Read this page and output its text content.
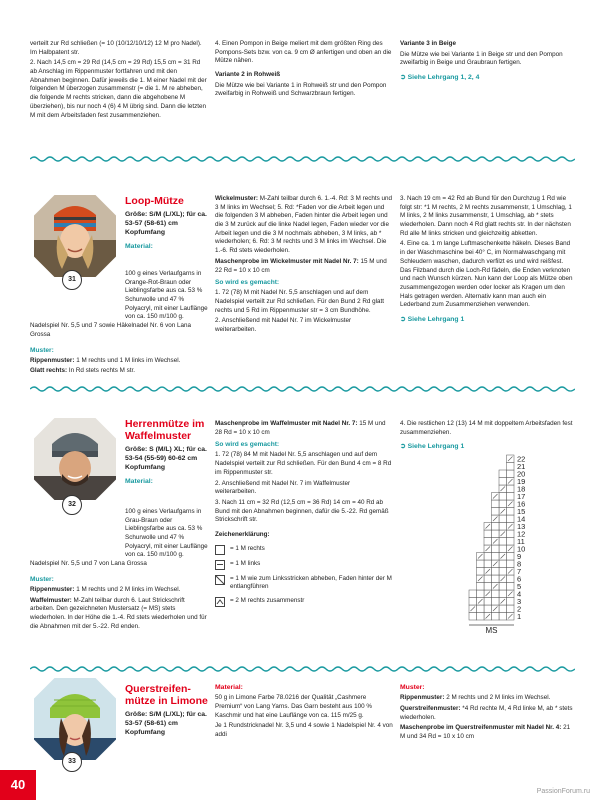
verteilt zur Rd schließen (= 10 (10/12/10/12) 12 M pro Nadel). Im Halbpatent str.

2. Nach 14,5 cm = 29 Rd (14,5 cm = 29 Rd) 15,5 cm = 31 Rd ab Anschlag im Rippenmuster fortfahren und mit den Abnahmen beginnen. Dafür jeweils die 1. M einer Nadel mit der folgenden M überzogen zusammenstr (= die 1. M re abheben, die folgende M rechts stricken, dann die abgehobene M überziehen), bis nur noch 4 (6) 4 M übrig sind. Dann die letzten M mit dem Arbeitsfaden fest zusammenziehen.

4. Einen Pompon in Beige meliert mit dem größten Ring des Pompons-Sets bzw. von ca. 9 cm Ø anfertigen und oben an die Mütze nähen.

Variante 2 in Rohweiß

Die Mütze wie bei Variante 1 in Rohweiß str und den Pompon zweifarbig in Rohweiß und Schwarzbraun fertigen.

Variante 3 in Beige

Die Mütze wie bei Variante 1 in Beige str und den Pompon zweifarbig in Beige und Graubraun fertigen.

➲ Siehe Lehrgang 1, 2, 4

31
Loop-Mütze
Größe: S/M (L/XL); für ca. 53-57 (58-61) cm Kopfumfang
Material:

100 g eines Verlaufgarns in Orange-Rot-Braun oder Lieblingsfarbe aus ca. 53 % Schurwolle und 47 % Polyacryl, mit einer Lauflänge von ca. 150 m/100 g.

Nadelspiel Nr. 5,5 und 7 sowie Häkelnadel Nr. 6 von Lana Grossa

Muster:

Rippenmuster: 1 M rechts und 1 M links im Wechsel.

Glatt rechts: In Rd stets rechts M str.

Wickelmuster: M-Zahl teilbar durch 6. 1.-4. Rd: 3 M rechts und 3 M links im Wechsel; 5. Rd: *Faden vor die Arbeit legen und die folgenden 3 M abheben, Faden hinter die Arbeit legen und die 3 M zurück auf die linke Nadel legen, Faden wieder vor die Arbeit legen und die 3 M nochmals abheben, 3 M links, ab * wiederholen; 6. Rd: 3 M rechts und 3 M links im Wechsel. Die 1.-6. Rd stets wiederholen.

Maschenprobe im Wickelmuster mit Nadel Nr. 7: 15 M und 22 Rd = 10 x 10 cm

So wird es gemacht:

1. 72 (78) M mit Nadel Nr. 5,5 anschlagen und auf dem Nadelspiel verteilt zur Rd schließen. Für den Bund 2 Rd glatt rechts und 5 Rd im Rippenmuster str = 3 cm Bundhöhe.

2. Anschließend mit Nadel Nr. 7 im Wickelmuster weiterarbeiten.

3. Nach 19 cm = 42 Rd ab Bund für den Durchzug 1 Rd wie folgt str: *1 M rechts, 2 M rechts zusammenstr, 1 Umschlag, 1 M links, 2 M links zusammenstr, 1 Umschlag, ab * stets wiederholen. Dann noch 4 Rd glatt rechts str. In der nächsten Rd alle M links stricken und gleichzeitig abketten.

4. Eine ca. 1 m lange Luftmaschenkette häkeln. Dieses Band in der Waschmaschine bei 40° C, im Normalwaschgang mit Schleudern waschen, dadurch verfilzt es und wird reißfest. Das Filzband durch die Loch-Rd fädeln, die Enden verknoten und nach Wunsch kürzen. Nun kann der Loop als Mütze oben zusammengezogen werden oder locker als Kragen um den Hals getragen werden. Alternativ kann man auch ein Lederband zum Zusammenziehen verwenden.

➲ Siehe Lehrgang 1

32
Herrenmütze im Waffelmuster
Größe: S (M/L) XL; für ca. 53-54 (55-59) 60-62 cm Kopfumfang
Material:

100 g eines Verlaufgarns in Grau-Braun oder Lieblingsfarbe aus ca. 53 % Schurwolle und 47 % Polyacryl, mit einer Lauflänge von ca. 150 m/100 g.

Nadelspiel Nr. 5,5 und 7 von Lana Grossa

Muster:

Rippenmuster: 1 M rechts und 2 M links im Wechsel.

Waffelmuster: M-Zahl teilbar durch 6. Laut Strickschrift arbeiten. Den gezeichneten Mustersatz (= MS) stets wiederholen. In der Höhe die 1.-4. Rd stets wiederholen und für die Abnahmen mit der 5.-22. Rd enden.

Maschenprobe im Waffelmuster mit Nadel Nr. 7: 15 M und 28 Rd = 10 x 10 cm

So wird es gemacht:

1. 72 (78) 84 M mit Nadel Nr. 5,5 anschlagen und auf dem Nadelspiel verteilt zur Rd schließen. Für den Bund 4 cm = 8 Rd im Rippenmuster str.

2. Anschließend mit Nadel Nr. 7 im Waffelmuster weiterarbeiten.

3. Nach 11 cm = 32 Rd (12,5 cm = 36 Rd) 14 cm = 40 Rd ab Bund mit den Abnahmen beginnen, dafür die 5.-22. Rd gemäß Strickschrift str.

Zeichenerklärung:

= 1 M rechts
= 1 M links
= 1 M wie zum Linksstricken abheben, Faden hinter der M entlangführen
= 2 M rechts zusammenstr

4. Die restlichen 12 (13) 14 M mit doppeltem Arbeitsfaden fest zusammenziehen.

➲ Siehe Lehrgang 1

1
2
3
4
5
6
7
8
9
10
11
12
13
14
15
16
17
18
19
20
21
22
MS
33
Querstreifen-mütze in Limone
Größe: S/M (L/XL); für ca. 53-57 (58-61) cm Kopfumfang

Material:

50 g in Limone Farbe 78.0216 der Qualität „Cashmere Premium“ von Lang Yarns. Das Garn besteht aus 100 % Kaschmir und hat eine Lauflänge von ca. 115 m/25 g.

Je 1 Rundstricknadel Nr. 3,5 und 4 sowie 1 Nadelspiel Nr. 4 von addi

Muster:

Rippenmuster: 2 M rechts und 2 M links im Wechsel.

Querstreifenmuster: *4 Rd rechte M, 4 Rd linke M, ab * stets wiederholen.

Maschenprobe im Querstreifenmuster mit Nadel Nr. 4: 21 M und 34 Rd = 10 x 10 cm

40	PassionForum.ru
